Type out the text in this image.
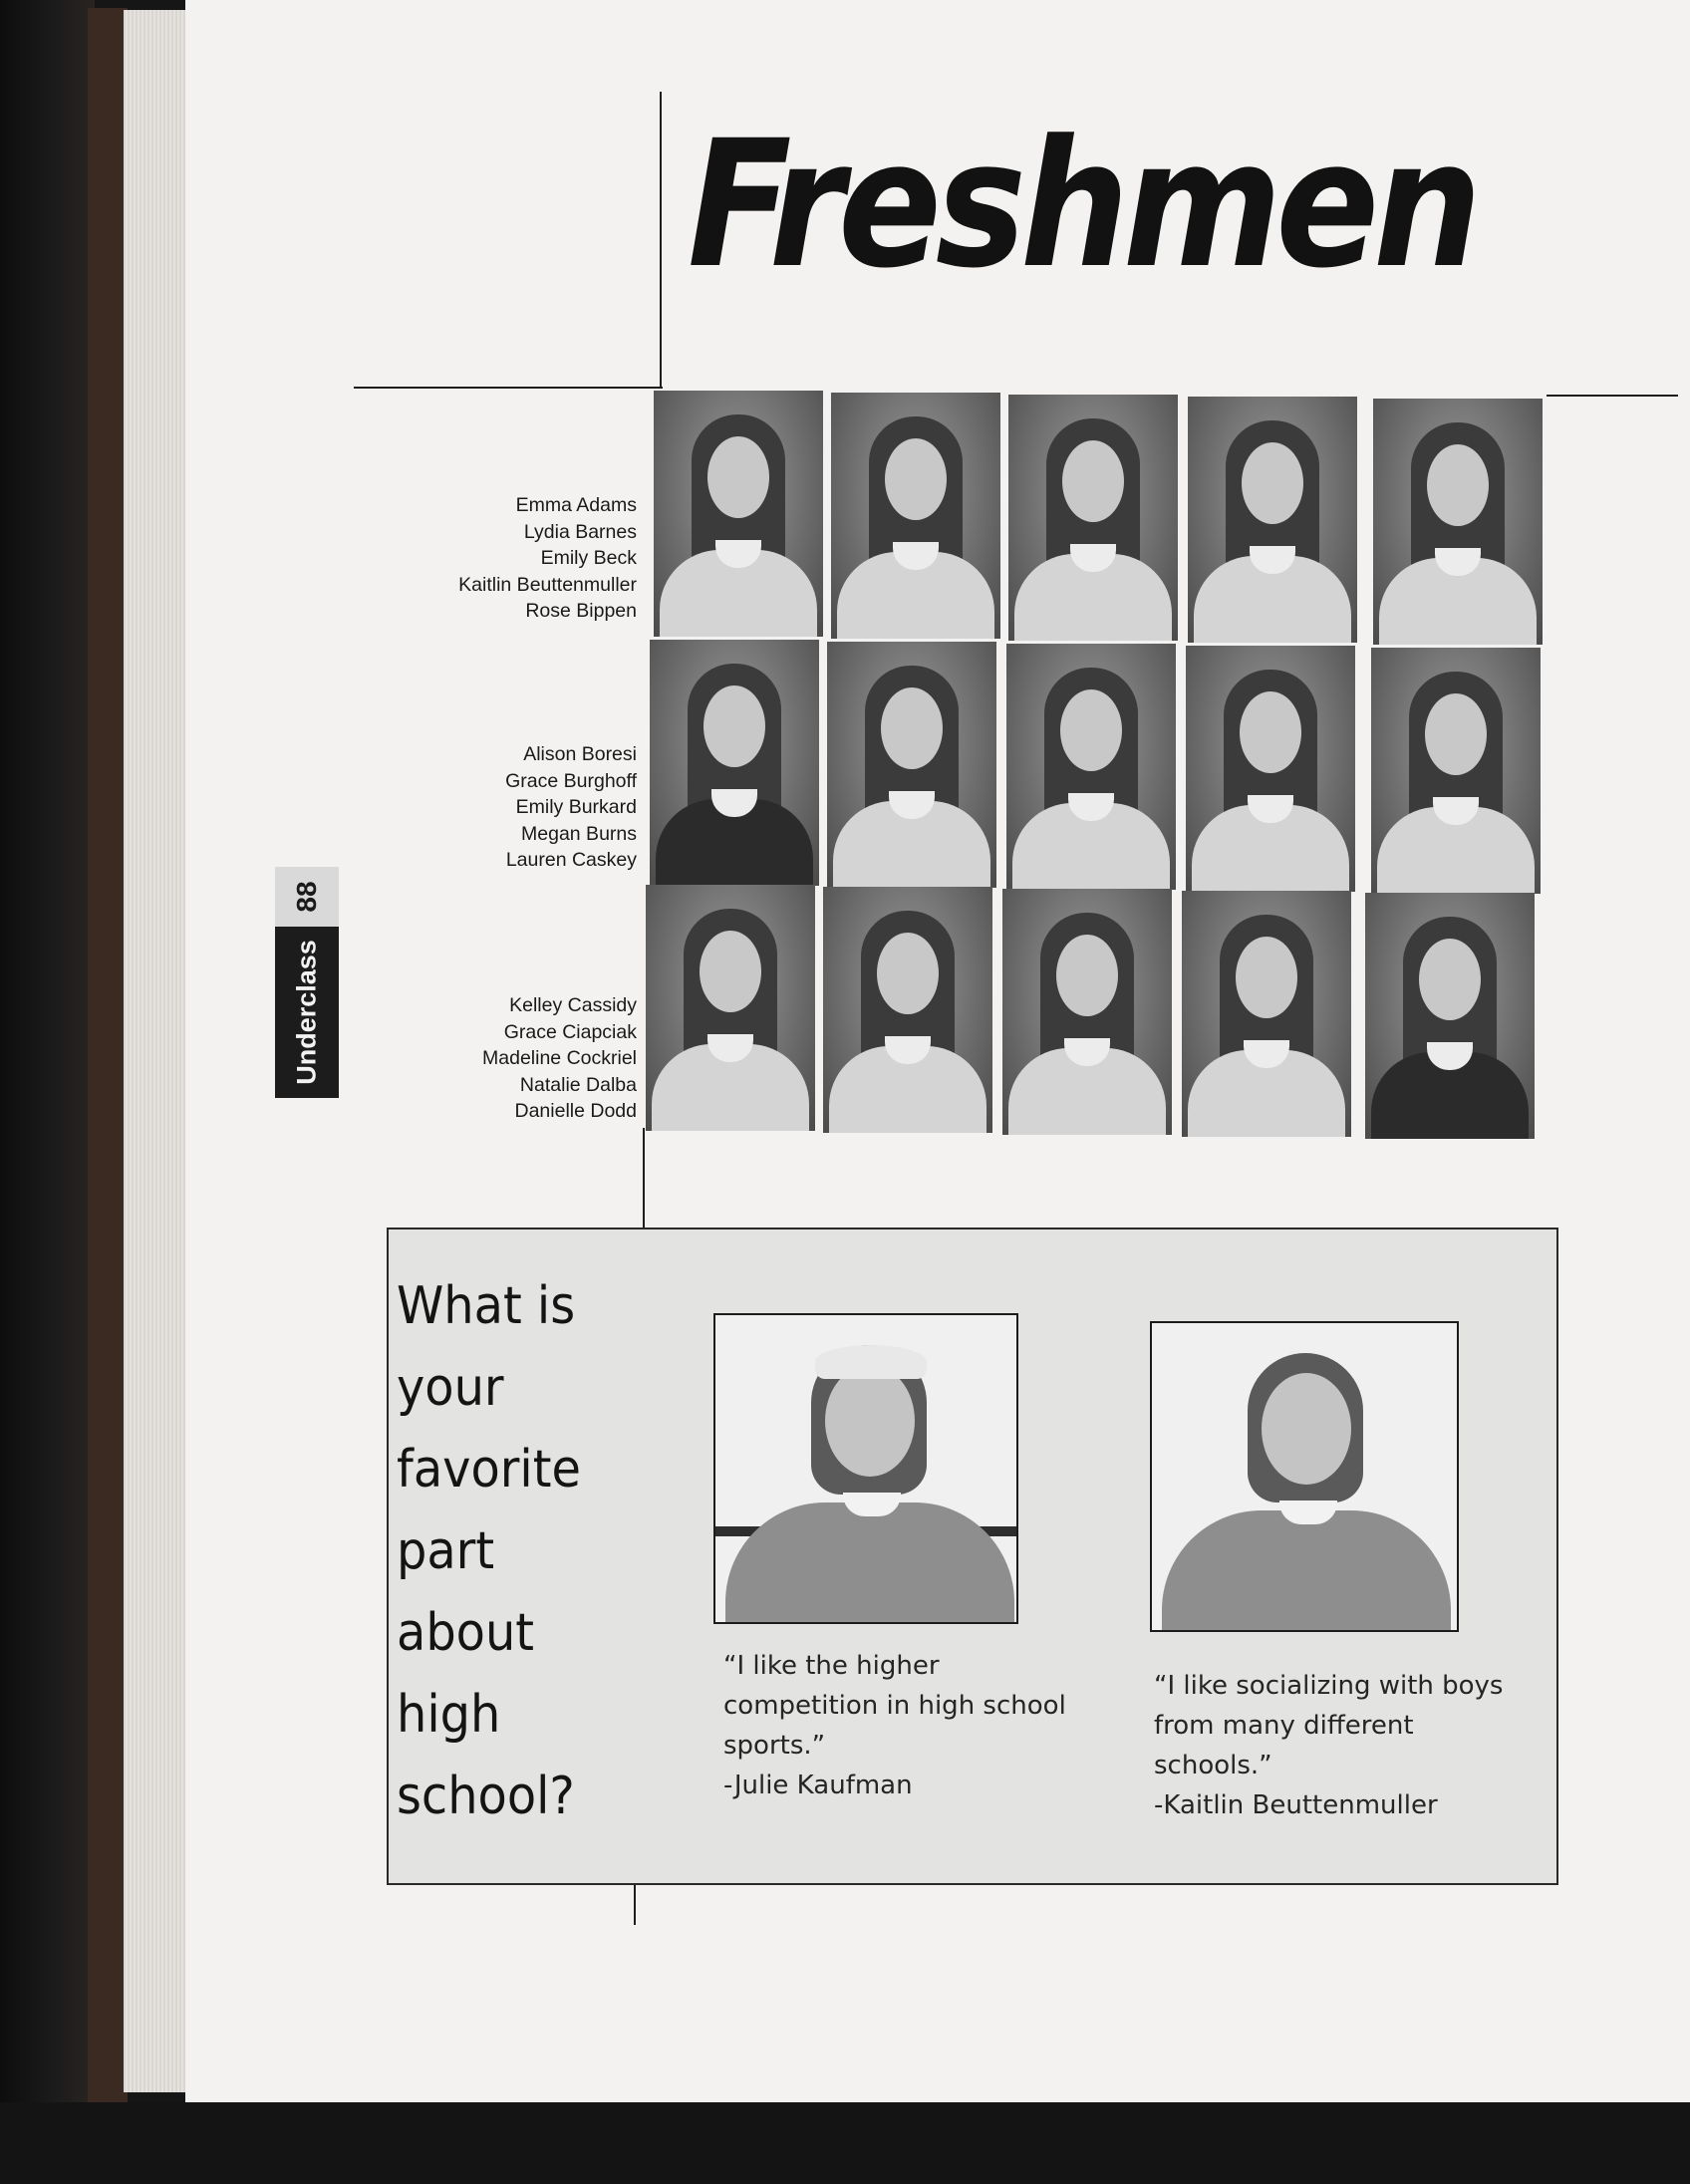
Freshmen
88
Underclass
Emma Adams
Lydia Barnes
Emily Beck
Kaitlin Beuttenmuller
Rose Bippen
Alison Boresi
Grace Burghoff
Emily Burkard
Megan Burns
Lauren Caskey
Kelley Cassidy
Grace Ciapciak
Madeline Cockriel
Natalie Dalba
Danielle Dodd
What is
your
favorite
part
about
high
school?

“I like the higher
competition in high school
sports.”
-Julie Kaufman

“I like socializing with boys
from many different
schools.”
-Kaitlin Beuttenmuller
